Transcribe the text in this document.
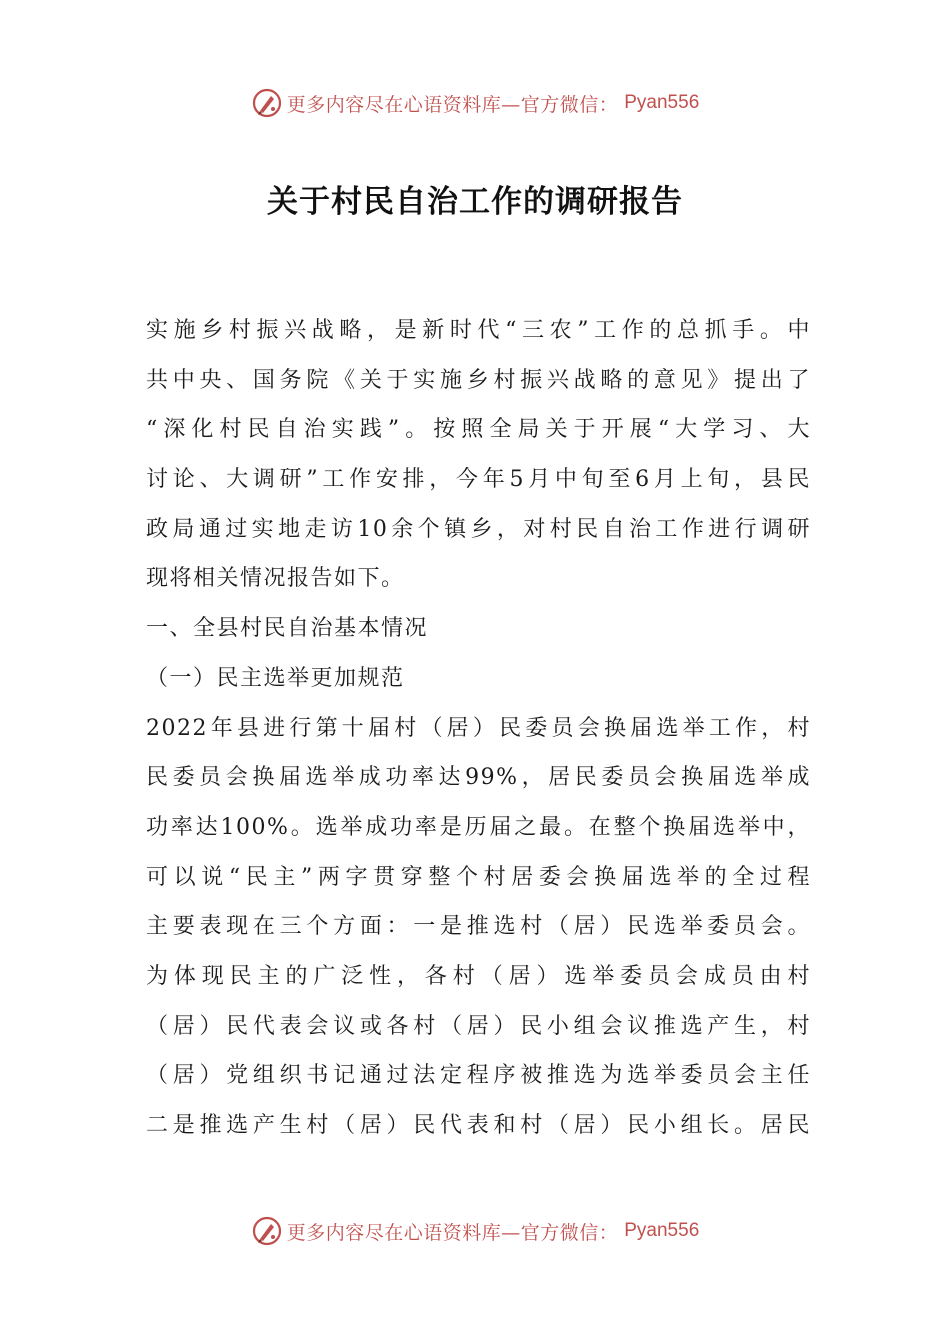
更多内容尽在心语资料库—官方微信： Pyan556
关于村民自治工作的调研报告
实施乡村振兴战略，是新时代“三农”工作的总抓手。中
共中央、国务院《关于实施乡村振兴战略的意见》提出了
“深化村民自治实践”。按照全局关于开展“大学习、大
讨论、大调研”工作安排，今年5月中旬至6月上旬，县民
政局通过实地走访10余个镇乡，对村民自治工作进行调研
现将相关情况报告如下。
一、全县村民自治基本情况
（一）民主选举更加规范
2022年县进行第十届村（居）民委员会换届选举工作，村
民委员会换届选举成功率达99%，居民委员会换届选举成
功率达100%。选举成功率是历届之最。在整个换届选举中，
可以说“民主”两字贯穿整个村居委会换届选举的全过程
主要表现在三个方面：一是推选村（居）民选举委员会。
为体现民主的广泛性，各村（居）选举委员会成员由村
（居）民代表会议或各村（居）民小组会议推选产生，村
（居）党组织书记通过法定程序被推选为选举委员会主任
二是推选产生村（居）民代表和村（居）民小组长。居民
更多内容尽在心语资料库—官方微信： Pyan556
